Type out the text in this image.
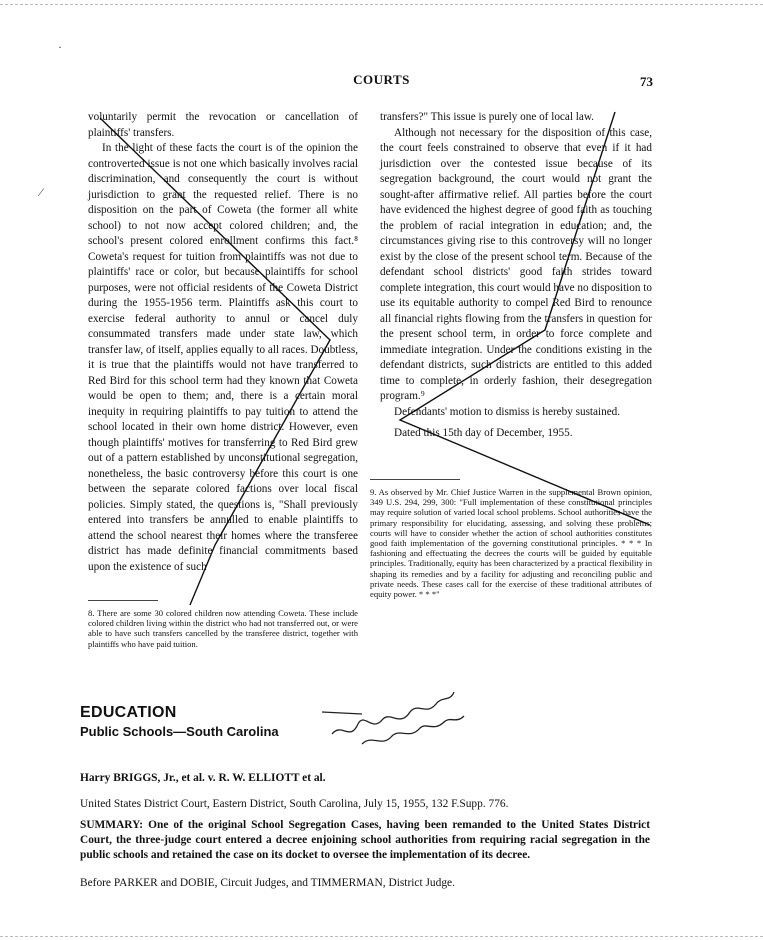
COURTS	73

voluntarily permit the revocation or cancellation of plaintiffs' transfers.

In the light of these facts the court is of the opinion the controverted issue is not one which basically involves racial discrimination, and consequently the court is without jurisdiction to grant the requested relief. There is no disposition on the part of Coweta (the former all white school) to not now accept colored children; and, the school's present colored enrollment confirms this fact.⁸ Coweta's request for tuition from plaintiffs was not due to plaintiffs' race or color, but because plaintiffs for school purposes, were not official residents of the Coweta District during the 1955-1956 term. Plaintiffs ask this court to exercise federal authority to annul or cancel duly consummated transfers made under state law, which transfer law, of itself, applies equally to all races. Doubtless, it is true that the plaintiffs would not have transferred to Red Bird for this school term had they known that Coweta would be open to them; and, there is a certain moral inequity in requiring plaintiffs to pay tuition to attend the school located in their own home district. However, even though plaintiffs' motives for transferring to Red Bird grew out of a pattern established by unconstitutional segregation, nonetheless, the basic controversy before this court is one between the separate colored factions over local fiscal policies. Simply stated, the questions is, "Shall previously entered into transfers be annulled to enable plaintiffs to attend the school nearest their homes where the transferee district has made definite financial commitments based upon the existence of such

transfers?" This issue is purely one of local law.

Although not necessary for the disposition of this case, the court feels constrained to observe that even if it had jurisdiction over the contested issue because of its segregation background, the court would not grant the sought-after affirmative relief. All parties before the court have evidenced the highest degree of good faith as touching the problem of racial integration in education; and, the circumstances giving rise to this controversy will no longer exist by the close of the present school term. Because of the defendant school districts' good faith strides toward complete integration, this court would have no disposition to use its equitable authority to compel Red Bird to renounce all financial rights flowing from the transfers in question for the present school term, in order to force complete and immediate integration. Under the conditions existing in the defendant districts, such districts are entitled to this added time to complete, in orderly fashion, their desegregation program.⁹

Defendants' motion to dismiss is hereby sustained.

Dated this 15th day of December, 1955.

8. There are some 30 colored children now attending Coweta. These include colored children living within the district who had not transferred out, or were able to have such transfers cancelled by the transferee district, together with plaintiffs who have paid tuition.
9. As observed by Mr. Chief Justice Warren in the supplemental Brown opinion, 349 U.S. 294, 299, 300: "Full implementation of these constitutional principles may require solution of varied local school problems. School authorities have the primary responsibility for elucidating, assessing, and solving these problems; courts will have to consider whether the action of school authorities constitutes good faith implementation of the governing constitutional principles. * * * In fashioning and effectuating the decrees the courts will be guided by equitable principles. Traditionally, equity has been characterized by a practical flexibility in shaping its remedies and by a facility for adjusting and reconciling public and private needs. These cases call for the exercise of these traditional attributes of equity power. * * *"
EDUCATION
Public Schools—South Carolina
Harry BRIGGS, Jr., et al. v. R. W. ELLIOTT et al.
United States District Court, Eastern District, South Carolina, July 15, 1955, 132 F.Supp. 776.
SUMMARY: One of the original School Segregation Cases, having been remanded to the United States District Court, the three-judge court entered a decree enjoining school authorities from requiring racial segregation in the public schools and retained the case on its docket to oversee the implementation of its decree.
Before PARKER and DOBIE, Circuit Judges, and TIMMERMAN, District Judge.
·
⁄
